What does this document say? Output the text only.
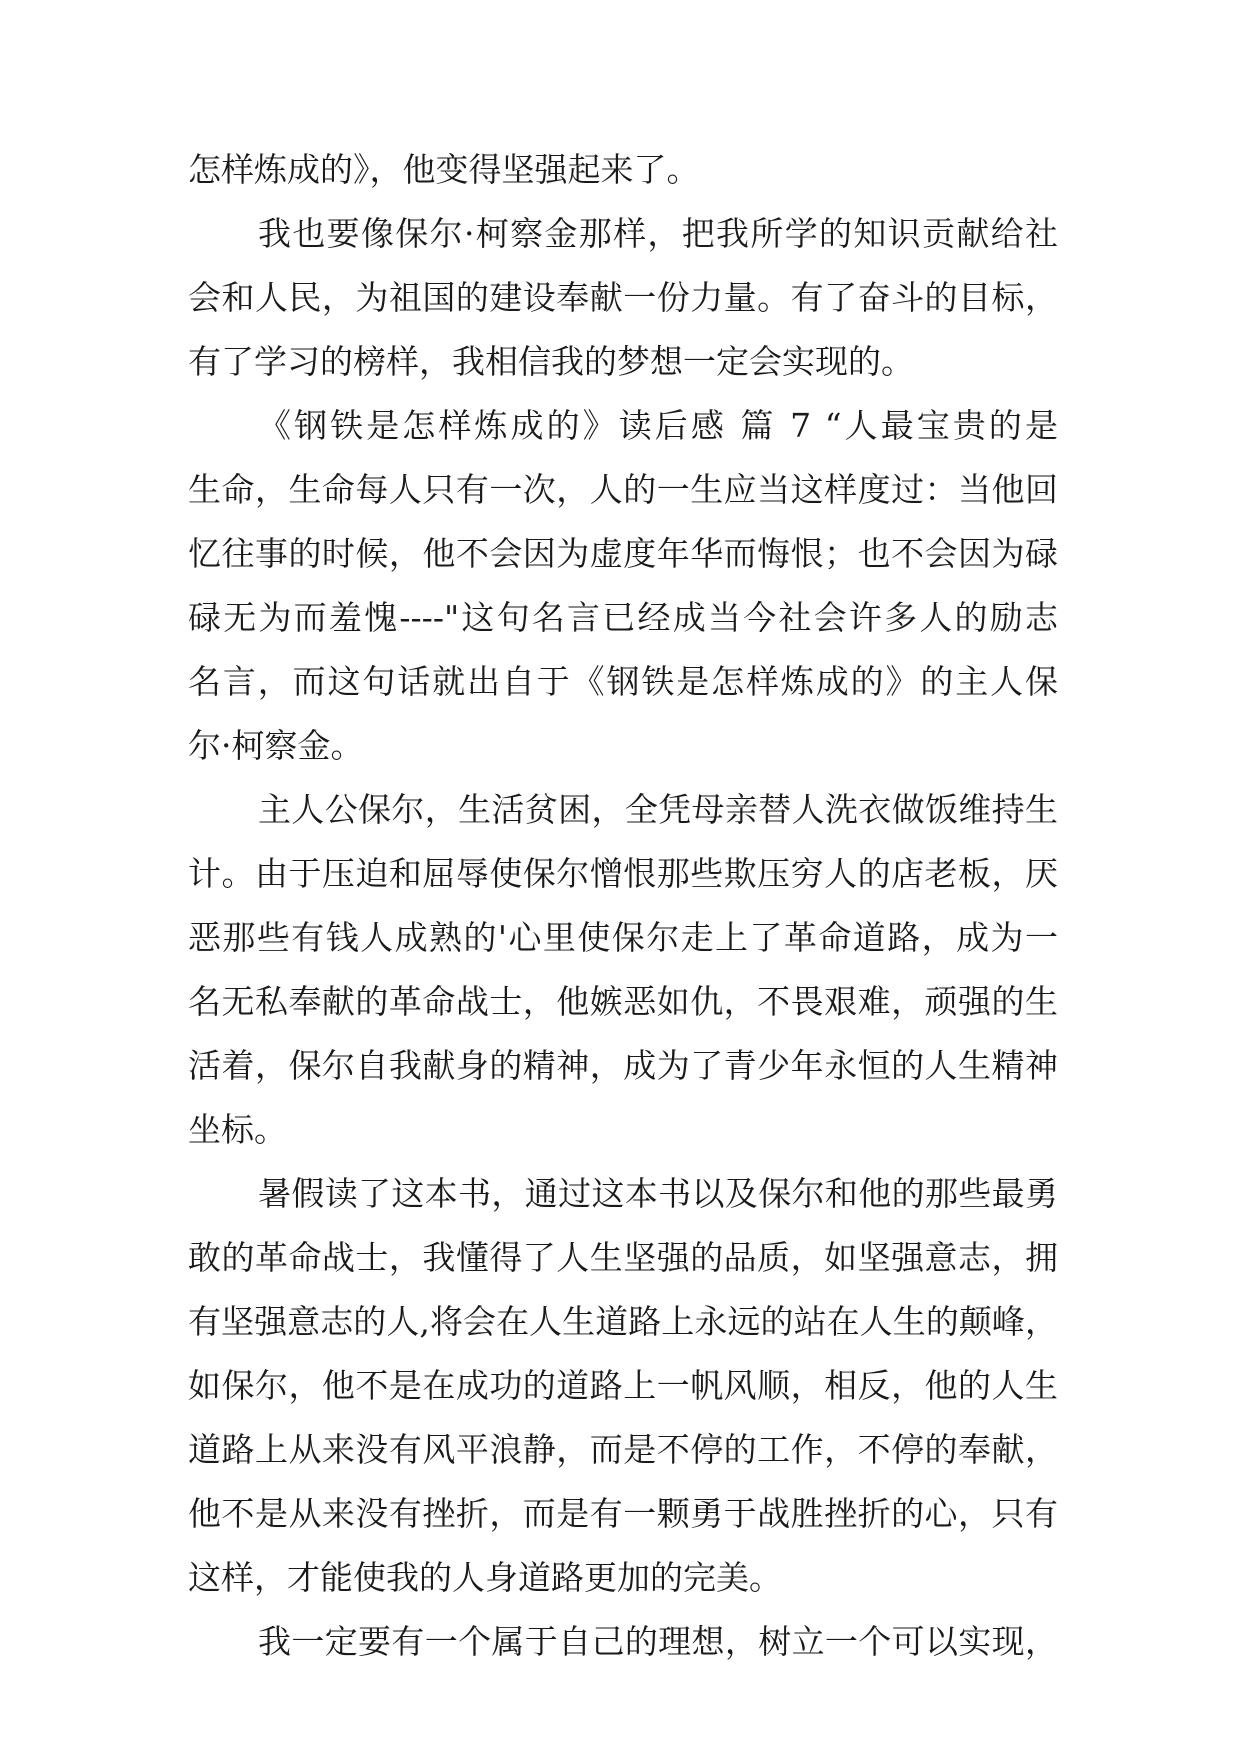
怎样炼成的》，他变得坚强起来了。
我也要像保尔·柯察金那样，把我所学的知识贡献给社
会和人民，为祖国的建设奉献一份力量。有了奋斗的目标，
有了学习的榜样，我相信我的梦想一定会实现的。
《钢铁是怎样炼成的》读后感 篇 7 “人最宝贵的是
生命，生命每人只有一次，人的一生应当这样度过：当他回
忆往事的时候，他不会因为虚度年华而悔恨；也不会因为碌
碌无为而羞愧----"这句名言已经成当今社会许多人的励志
名言，而这句话就出自于《钢铁是怎样炼成的》的主人保
尔·柯察金。
主人公保尔，生活贫困，全凭母亲替人洗衣做饭维持生
计。由于压迫和屈辱使保尔憎恨那些欺压穷人的店老板，厌
恶那些有钱人成熟的'心里使保尔走上了革命道路，成为一
名无私奉献的革命战士，他嫉恶如仇，不畏艰难，顽强的生
活着，保尔自我献身的精神，成为了青少年永恒的人生精神
坐标。
暑假读了这本书，通过这本书以及保尔和他的那些最勇
敢的革命战士，我懂得了人生坚强的品质，如坚强意志，拥
有坚强意志的人,将会在人生道路上永远的站在人生的颠峰，
如保尔，他不是在成功的道路上一帆风顺，相反，他的人生
道路上从来没有风平浪静，而是不停的工作，不停的奉献，
他不是从来没有挫折，而是有一颗勇于战胜挫折的心，只有
这样，才能使我的人身道路更加的完美。
我一定要有一个属于自己的理想，树立一个可以实现，
